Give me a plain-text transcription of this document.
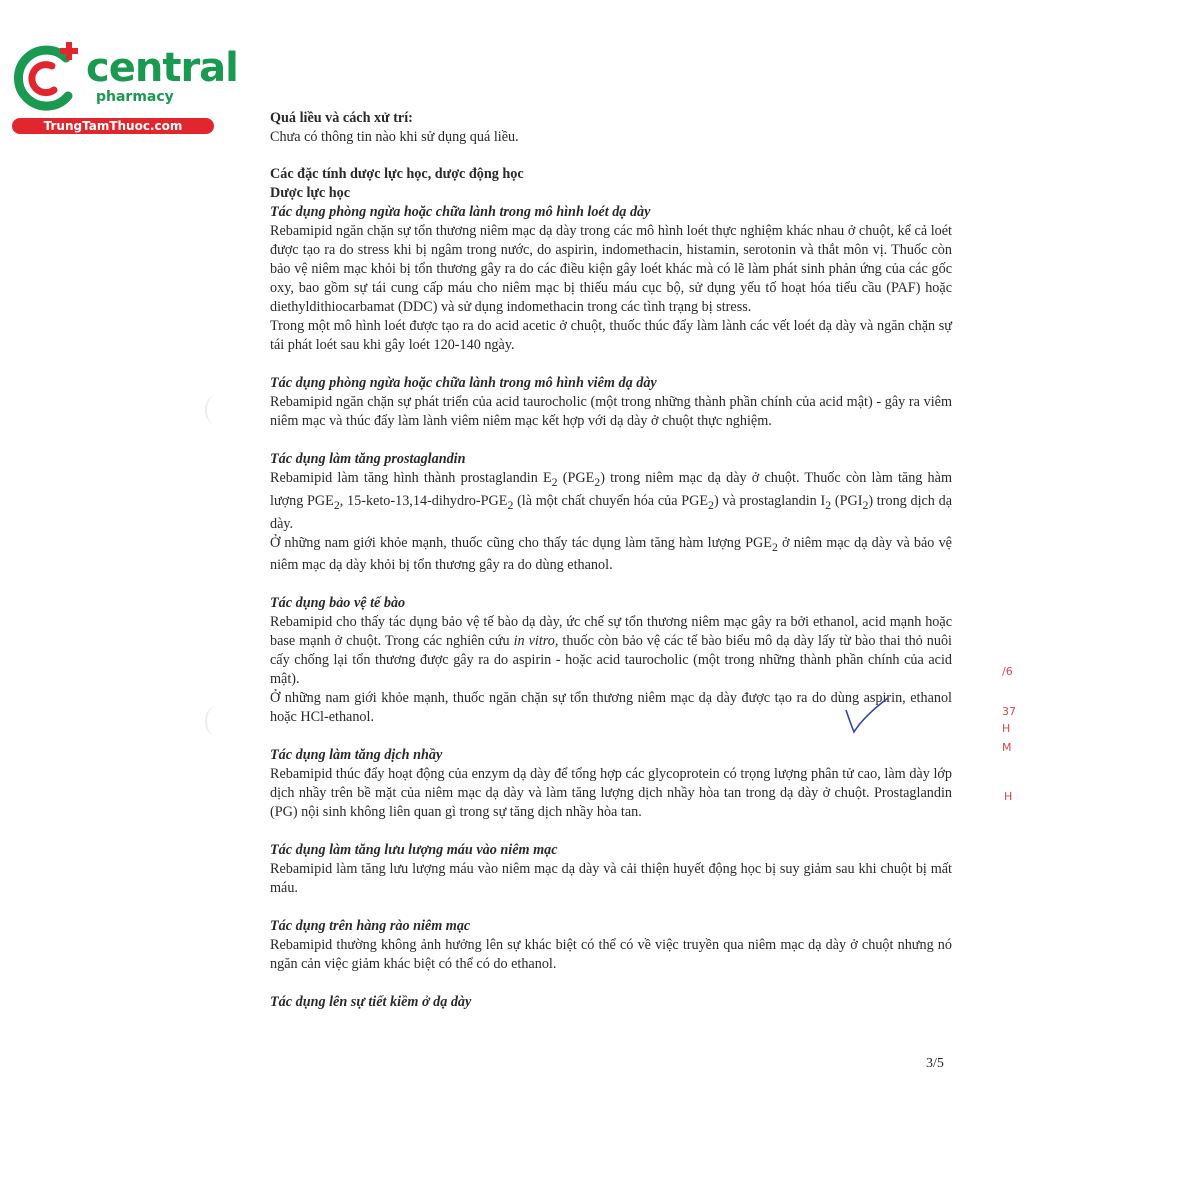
central
pharmacy
TrungTamThuoc.com	Quá liều và cách xử trí:

Chưa có thông tin nào khi sử dụng quá liều.

Các đặc tính dược lực học, dược động học

Dược lực học

Tác dụng phòng ngừa hoặc chữa lành trong mô hình loét dạ dày

Rebamipid ngăn chặn sự tổn thương niêm mạc dạ dày trong các mô hình loét thực nghiệm khác nhau ở chuột, kể cả loét được tạo ra do stress khi bị ngâm trong nước, do aspirin, indomethacin, histamin, serotonin và thắt môn vị. Thuốc còn bảo vệ niêm mạc khỏi bị tổn thương gây ra do các điều kiện gây loét khác mà có lẽ làm phát sinh phản ứng của các gốc oxy, bao gồm sự tái cung cấp máu cho niêm mạc bị thiếu máu cục bộ, sử dụng yếu tố hoạt hóa tiểu cầu (PAF) hoặc diethyldithiocarbamat (DDC) và sử dụng indomethacin trong các tình trạng bị stress.

Trong một mô hình loét được tạo ra do acid acetic ở chuột, thuốc thúc đẩy làm lành các vết loét dạ dày và ngăn chặn sự tái phát loét sau khi gây loét 120-140 ngày.

Tác dụng phòng ngừa hoặc chữa lành trong mô hình viêm dạ dày

Rebamipid ngăn chặn sự phát triển của acid taurocholic (một trong những thành phần chính của acid mật) - gây ra viêm niêm mạc và thúc đẩy làm lành viêm niêm mạc kết hợp với dạ dày ở chuột thực nghiệm.

Tác dụng làm tăng prostaglandin

Rebamipid làm tăng hình thành prostaglandin $E_2$ $(PGE_2)$ trong niêm mạc dạ dày ở chuột. Thuốc còn làm tăng hàm lượng $PGE_2$, $15-keto-13,14-dihydro-PGE_2$ (là một chất chuyển hóa của $PGE_2$) và prostaglandin $I_2$ $(PGI_2)$ trong dịch dạ dày.

Ở những nam giới khỏe mạnh, thuốc cũng cho thấy tác dụng làm tăng hàm lượng $PGE_2$ ở niêm mạc dạ dày và bảo vệ niêm mạc dạ dày khỏi bị tổn thương gây ra do dùng ethanol.

Tác dụng bảo vệ tế bào

Rebamipid cho thấy tác dụng bảo vệ tế bào dạ dày, ức chế sự tổn thương niêm mạc gây ra bởi ethanol, acid mạnh hoặc base mạnh ở chuột. Trong các nghiên cứu in vitro, thuốc còn bảo vệ các tế bào biểu mô dạ dày lấy từ bào thai thỏ nuôi cấy chống lại tổn thương được gây ra do aspirin - hoặc acid taurocholic (một trong những thành phần chính của acid mật).

Ở những nam giới khỏe mạnh, thuốc ngăn chặn sự tổn thương niêm mạc dạ dày được tạo ra do dùng aspirin, ethanol hoặc HCl-ethanol.

Tác dụng làm tăng dịch nhầy

Rebamipid thúc đẩy hoạt động của enzym dạ dày để tổng hợp các glycoprotein có trọng lượng phân tử cao, làm dày lớp dịch nhầy trên bề mặt của niêm mạc dạ dày và làm tăng lượng dịch nhầy hòa tan trong dạ dày ở chuột. Prostaglandin (PG) nội sinh không liên quan gì trong sự tăng dịch nhầy hòa tan.

Tác dụng làm tăng lưu lượng máu vào niêm mạc

Rebamipid làm tăng lưu lượng máu vào niêm mạc dạ dày và cải thiện huyết động học bị suy giảm sau khi chuột bị mất máu.

Tác dụng trên hàng rào niêm mạc

Rebamipid thường không ảnh hưởng lên sự khác biệt có thể có về việc truyền qua niêm mạc dạ dày ở chuột nhưng nó ngăn cản việc giảm khác biệt có thể có do ethanol.

Tác dụng lên sự tiết kiềm ở dạ dày

3/5
/6
37
H
M
H
